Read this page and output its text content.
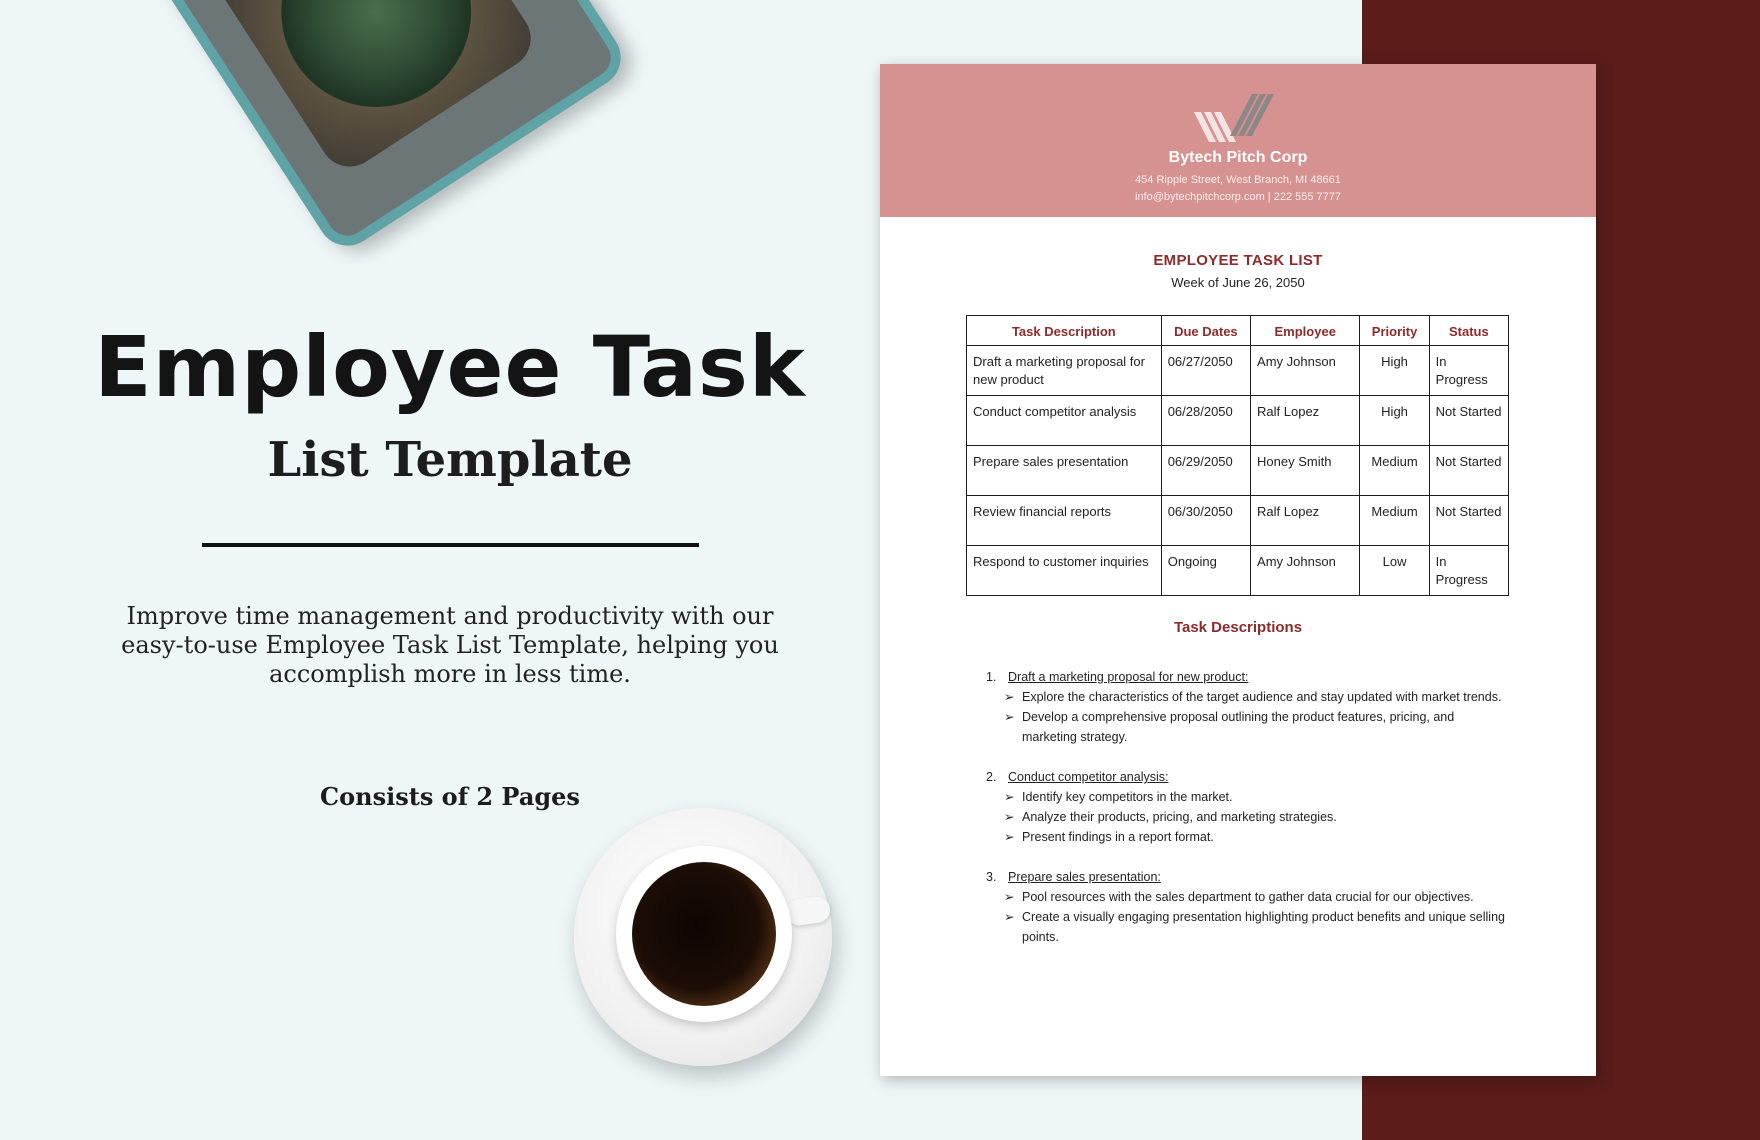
Employee Task
List Template

Improve time management and productivity with our easy-to-use Employee Task List Template, helping you accomplish more in less time.

Consists of 2 Pages

Bytech Pitch Corp
454 Ripple Street, West Branch, MI 48661
info@bytechpitchcorp.com | 222 555 7777
EMPLOYEE TASK LIST
Week of June 26, 2050
Task Description	Due Dates	Employee	Priority	Status
Draft a marketing proposal for new product	06/27/2050	Amy Johnson	High	In Progress
Conduct competitor analysis	06/28/2050	Ralf Lopez	High	Not Started
Prepare sales presentation	06/29/2050	Honey Smith	Medium	Not Started
Review financial reports	06/30/2050	Ralf Lopez	Medium	Not Started
Respond to customer inquiries	Ongoing	Amy Johnson	Low	In Progress
Task Descriptions
1. Draft a marketing proposal for new product:
➢ Explore the characteristics of the target audience and stay updated with market trends.
➢ Develop a comprehensive proposal outlining the product features, pricing, and marketing strategy.
2. Conduct competitor analysis:
➢ Identify key competitors in the market.
➢ Analyze their products, pricing, and marketing strategies.
➢ Present findings in a report format.
3. Prepare sales presentation:
➢ Pool resources with the sales department to gather data crucial for our objectives.
➢ Create a visually engaging presentation highlighting product benefits and unique selling points.
